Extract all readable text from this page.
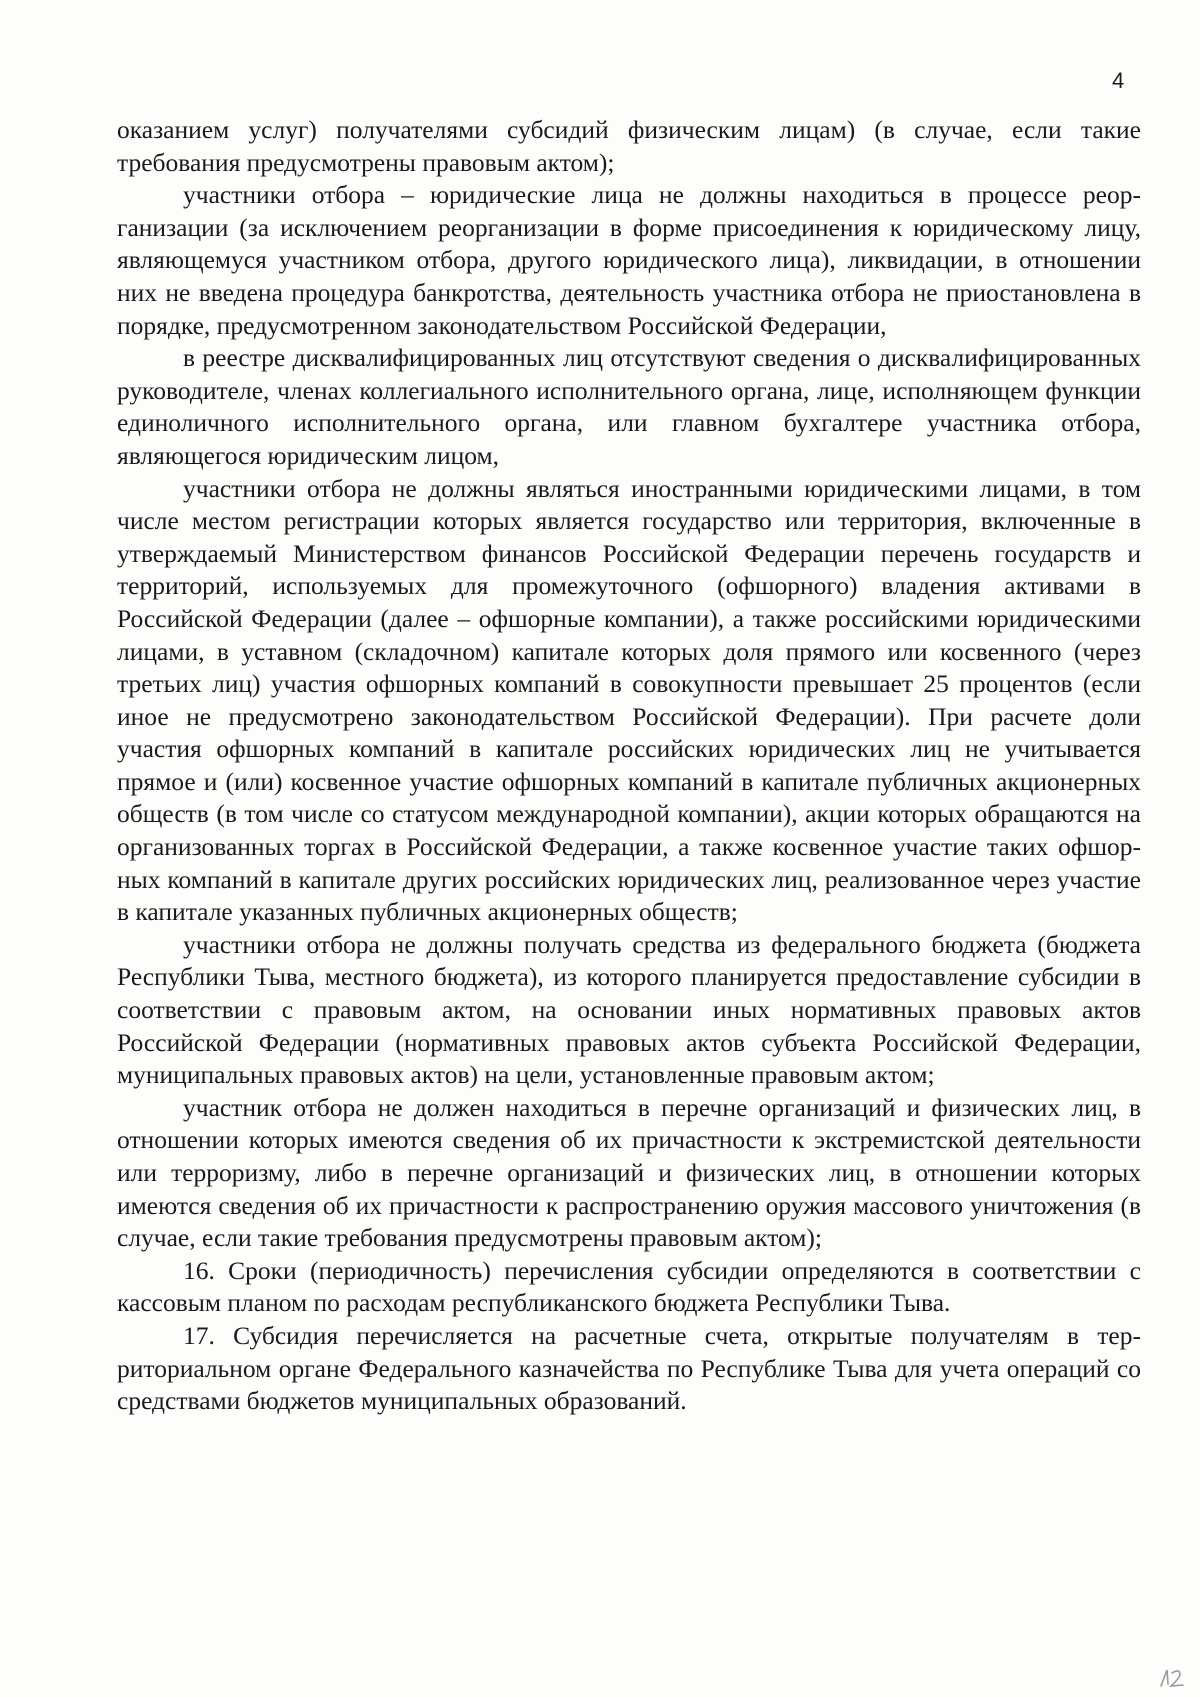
4

оказанием услуг) получателями субсидий физическим лицам) (в случае, если такие требования предусмотрены правовым актом);

участники отбора – юридические лица не должны находиться в процессе реорганизации (за исключением реорганизации в форме присоединения к юридическому лицу, являющемуся участником отбора, другого юридического лица), ликвидации, в отношении них не введена процедура банкротства, деятельность участника отбора не приостановлена в порядке, предусмотренном законодательством Российской Федерации,

в реестре дисквалифицированных лиц отсутствуют сведения о дисквалифицированных руководителе, членах коллегиального исполнительного органа, лице, исполняющем функции единоличного исполнительного органа, или главном бухгалтере участника отбора, являющегося юридическим лицом,

участники отбора не должны являться иностранными юридическими лицами, в том числе местом регистрации которых является государство или территория, включенные в утверждаемый Министерством финансов Российской Федерации перечень государств и территорий, используемых для промежуточного (офшорного) владения активами в Российской Федерации (далее – офшорные компании), а также российскими юридическими лицами, в уставном (складочном) капитале которых доля прямого или косвенного (через третьих лиц) участия офшорных компаний в совокупности превышает 25 процентов (если иное не предусмотрено законодательством Российской Федерации). При расчете доли участия офшорных компаний в капитале российских юридических лиц не учитывается прямое и (или) косвенное участие офшорных компаний в капитале публичных акционерных обществ (в том числе со статусом международной компании), акции которых обращаются на организованных торгах в Российской Федерации, а также косвенное участие таких офшорных компаний в капитале других российских юридических лиц, реализованное через участие в капитале указанных публичных акционерных обществ;

участники отбора не должны получать средства из федерального бюджета (бюджета Республики Тыва, местного бюджета), из которого планируется предоставление субсидии в соответствии с правовым актом, на основании иных нормативных правовых актов Российской Федерации (нормативных правовых актов субъекта Российской Федерации, муниципальных правовых актов) на цели, установленные правовым актом;

участник отбора не должен находиться в перечне организаций и физических лиц, в отношении которых имеются сведения об их причастности к экстремистской деятельности или терроризму, либо в перечне организаций и физических лиц, в отношении которых имеются сведения об их причастности к распространению оружия массового уничтожения (в случае, если такие требования предусмотрены правовым актом);

16. Сроки (периодичность) перечисления субсидии определяются в соответствии с кассовым планом по расходам республиканского бюджета Республики Тыва.

17. Субсидия перечисляется на расчетные счета, открытые получателям в территориальном органе Федерального казначейства по Республике Тыва для учета операций со средствами бюджетов муниципальных образований.
